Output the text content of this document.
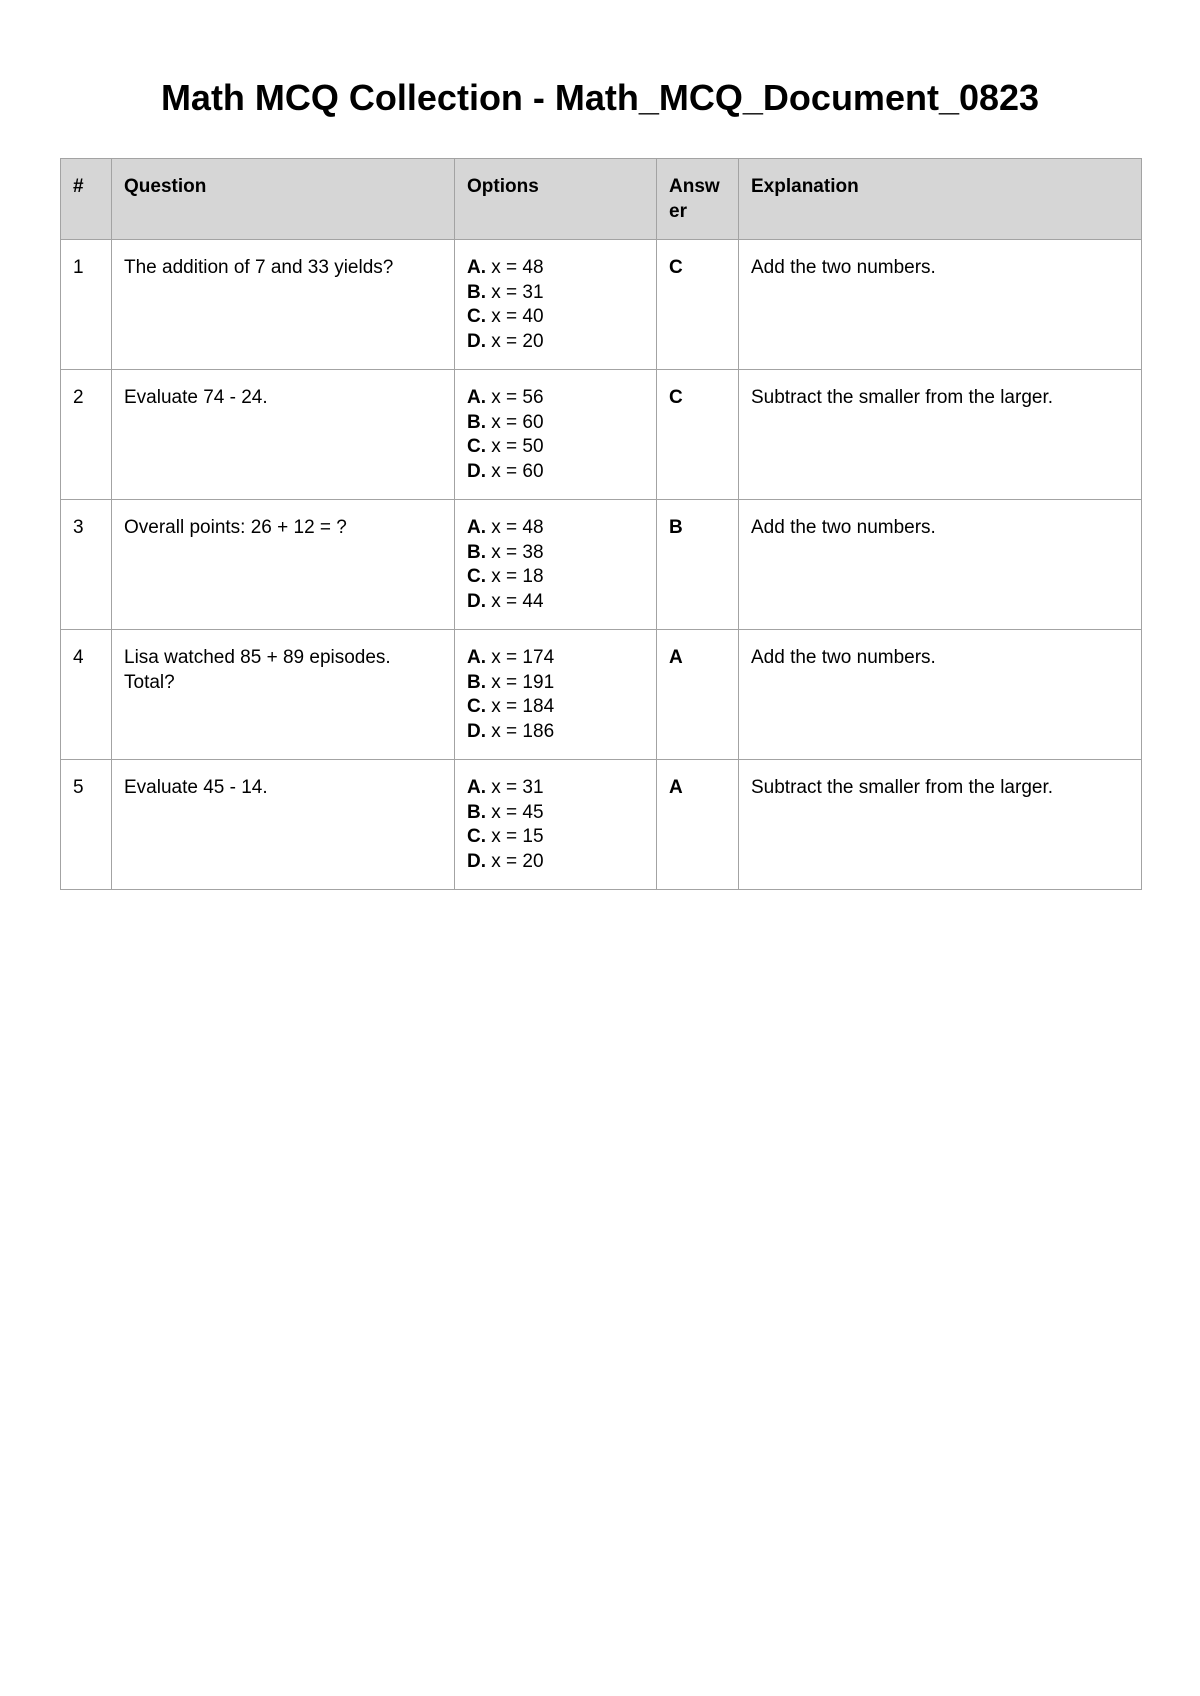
Math MCQ Collection - Math_MCQ_Document_0823
#	Question	Options	Answ er	Explanation
1	The addition of 7 and 33 yields?	A. x = 48
B. x = 31
C. x = 40
D. x = 20	C	Add the two numbers.
2	Evaluate 74 - 24.	A. x = 56
B. x = 60
C. x = 50
D. x = 60	C	Subtract the smaller from the larger.
3	Overall points: 26 + 12 = ?	A. x = 48
B. x = 38
C. x = 18
D. x = 44	B	Add the two numbers.
4	Lisa watched 85 + 89 episodes. Total?	A. x = 174
B. x = 191
C. x = 184
D. x = 186	A	Add the two numbers.
5	Evaluate 45 - 14.	A. x = 31
B. x = 45
C. x = 15
D. x = 20	A	Subtract the smaller from the larger.
